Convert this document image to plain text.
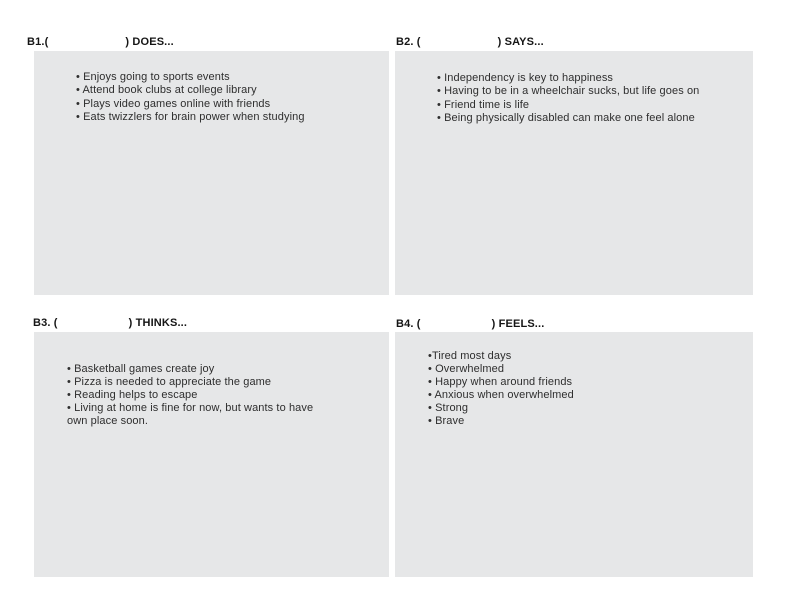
B1.(	) DOES...
• Enjoys going to sports events
• Attend book clubs at college library
• Plays video games online with friends
• Eats twizzlers for brain power when studying
B2. (	) SAYS...
• Independency is key to happiness
• Having to be in a wheelchair sucks, but life goes on
• Friend time is life
• Being physically disabled can make one feel alone
B3. (	) THINKS...
• Basketball games create joy
• Pizza is needed to appreciate the game
• Reading helps to escape
• Living at home is fine for now, but wants to have
own place soon.
B4. (	) FEELS...
•Tired most days
• Overwhelmed
• Happy when around friends
• Anxious when overwhelmed
• Strong
• Brave
